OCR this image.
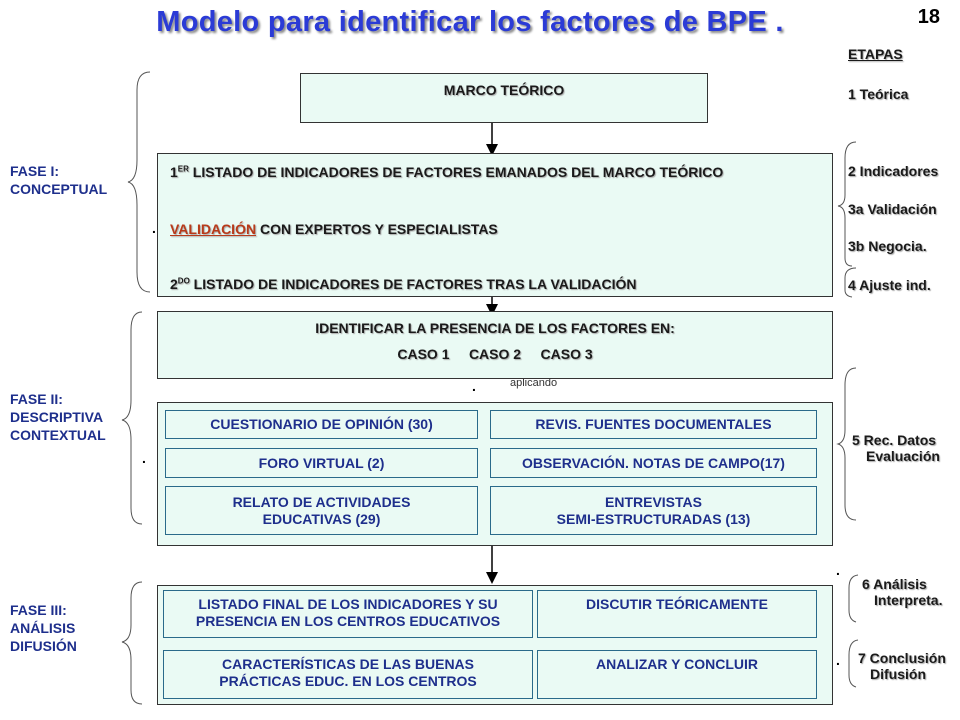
Modelo para identificar los factores de BPE .	18
ETAPAS
FASE I:
CONCEPTUAL
FASE II:
DESCRIPTIVA
CONTEXTUAL
FASE III:
ANÁLISIS
DIFUSIÓN
MARCO TEÓRICO
1ER LISTADO DE INDICADORES DE FACTORES EMANADOS DEL MARCO TEÓRICO
VALIDACIÓN CON EXPERTOS Y ESPECIALISTAS
$2^{DO}$ LISTADO DE INDICADORES DE FACTORES TRAS LA VALIDACIÓN
.
IDENTIFICAR LA PRESENCIA DE LOS FACTORES EN:
CASO 1 CASO 2 CASO 3
.	aplicando
.
CUESTIONARIO DE OPINIÓN (30)	REVIS. FUENTES DOCUMENTALES
FORO VIRTUAL (2)	OBSERVACIÓN. NOTAS DE CAMPO(17)
RELATO DE ACTIVIDADES
EDUCATIVAS (29)
ENTREVISTAS
SEMI-ESTRUCTURADAS (13)
LISTADO FINAL DE LOS INDICADORES Y SU
PRESENCIA EN LOS CENTROS EDUCATIVOS
DISCUTIR TEÓRICAMENTE
CARACTERÍSTICAS DE LAS BUENAS
PRÁCTICAS EDUC. EN LOS CENTROS
ANALIZAR Y CONCLUIR
1 Teórica
2 Indicadores
3a Validación
3b Negocia.
4 Ajuste ind.
5 Rec. Datos
Evaluación
.
6 Análisis
Interpreta.
. 7 Conclusión
Difusión
